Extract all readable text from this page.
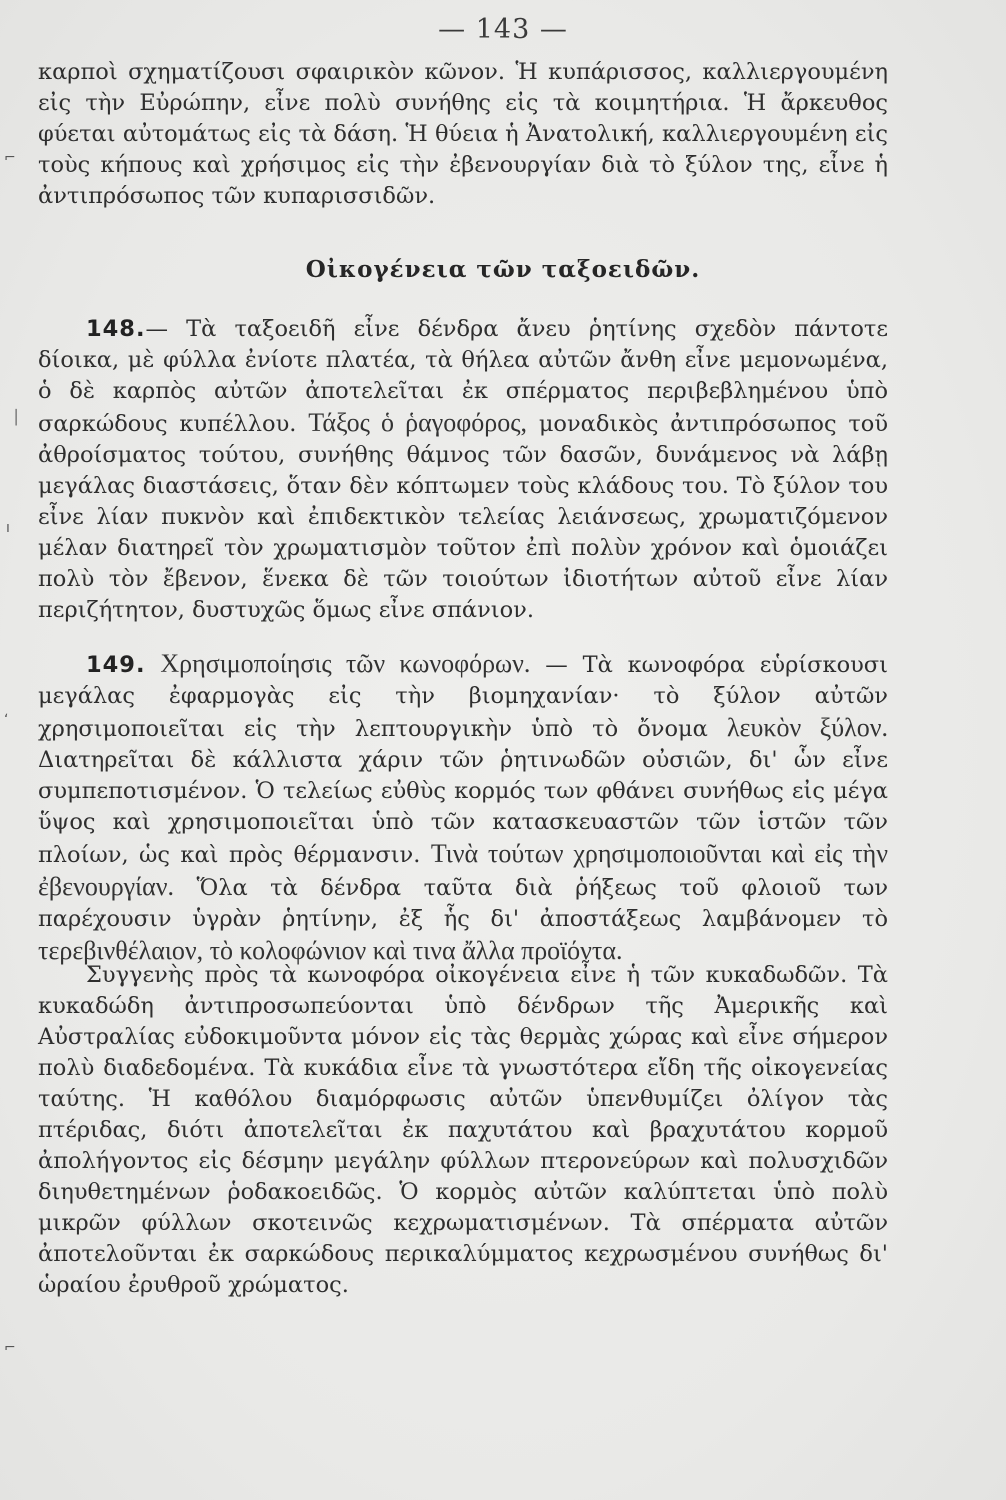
— 143 —
καρποὶ σχηματίζουσι σφαιρικὸν κῶνον. Ἡ κυπάρισσος, καλλιεργουμένη εἰς τὴν Εὐρώπην, εἶνε πολὺ συνήθης εἰς τὰ κοιμητήρια. Ἡ ἄρκευθος φύεται αὐτομάτως εἰς τὰ δάση. Ἡ θύεια ἡ Ἀνατολική, καλλιεργουμένη εἰς τοὺς κήπους καὶ χρήσιμος εἰς τὴν ἐβενουργίαν διὰ τὸ ξύλον της, εἶνε ἡ ἀντιπρόσωπος τῶν κυπαρισσιδῶν.
Οἰκογένεια τῶν ταξοειδῶν.
148.— Τὰ ταξοειδῆ εἶνε δένδρα ἄνευ ῥητίνης σχεδὸν πάντοτε δίοικα, μὲ φύλλα ἐνίοτε πλατέα, τὰ θήλεα αὐτῶν ἄνθη εἶνε μεμονωμένα, ὁ δὲ καρπὸς αὐτῶν ἀποτελεῖται ἐκ σπέρματος περιβεβλημένου ὑπὸ σαρκώδους κυπέλλου. Τάξος ὁ ῥαγοφόρος, μοναδικὸς ἀντιπρόσωπος τοῦ ἀθροίσματος τούτου, συνήθης θάμνος τῶν δασῶν, δυνάμενος νὰ λάβῃ μεγάλας διαστάσεις, ὅταν δὲν κόπτωμεν τοὺς κλάδους του. Τὸ ξύλον του εἶνε λίαν πυκνὸν καὶ ἐπιδεκτικὸν τελείας λειάνσεως, χρωματιζόμενον μέλαν διατηρεῖ τὸν χρωματισμὸν τοῦτον ἐπὶ πολὺν χρόνον καὶ ὁμοιάζει πολὺ τὸν ἔβενον, ἕνεκα δὲ τῶν τοιούτων ἰδιοτήτων αὐτοῦ εἶνε λίαν περιζήτητον, δυστυχῶς ὅμως εἶνε σπάνιον.
149. Χρησιμοποίησις τῶν κωνοφόρων. — Τὰ κωνοφόρα εὑρίσκουσι μεγάλας ἐφαρμογὰς εἰς τὴν βιομηχανίαν· τὸ ξύλον αὐτῶν χρησιμοποιεῖται εἰς τὴν λεπτουργικὴν ὑπὸ τὸ ὄνομα λευκὸν ξύλον. Διατηρεῖται δὲ κάλλιστα χάριν τῶν ῥητινωδῶν οὐσιῶν, δι' ὧν εἶνε συμπεποτισμένον. Ὁ τελείως εὐθὺς κορμός των φθάνει συνήθως εἰς μέγα ὕψος καὶ χρησιμοποιεῖται ὑπὸ τῶν κατασκευαστῶν τῶν ἱστῶν τῶν πλοίων, ὡς καὶ πρὸς θέρμανσιν. Τινὰ τούτων χρησιμοποιοῦνται καὶ εἰς τὴν ἐβενουργίαν. Ὅλα τὰ δένδρα ταῦτα διὰ ῥήξεως τοῦ φλοιοῦ των παρέχουσιν ὑγρὰν ῥητίνην, ἐξ ἧς δι' ἀποστάξεως λαμβάνομεν τὸ τερεβινθέλαιον, τὸ κολοφώνιον καὶ τινα ἄλλα προϊόντα.
Συγγενὴς πρὸς τὰ κωνοφόρα οἰκογένεια εἶνε ἡ τῶν κυκαδωδῶν. Τὰ κυκαδώδη ἀντιπροσωπεύονται ὑπὸ δένδρων τῆς Ἀμερικῆς καὶ Αὐστραλίας εὐδοκιμοῦντα μόνον εἰς τὰς θερμὰς χώρας καὶ εἶνε σήμερον πολὺ διαδεδομένα. Τὰ κυκάδια εἶνε τὰ γνωστότερα εἴδη τῆς οἰκογενείας ταύτης. Ἡ καθόλου διαμόρφωσις αὐτῶν ὑπενθυμίζει ὀλίγον τὰς πτέριδας, διότι ἀποτελεῖται ἐκ παχυτάτου καὶ βραχυτάτου κορμοῦ ἀπολήγοντος εἰς δέσμην μεγάλην φύλλων πτερονεύρων καὶ πολυσχιδῶν διηυθετημένων ῥοδακοειδῶς. Ὁ κορμὸς αὐτῶν καλύπτεται ὑπὸ πολὺ μικρῶν φύλλων σκοτεινῶς κεχρωματισμένων. Τὰ σπέρματα αὐτῶν ἀποτελοῦνται ἐκ σαρκώδους περικαλύμματος κεχρωσμένου συνήθως δι' ὡραίου ἐρυθροῦ χρώματος.
⌐
│
ı
ʻ
⌐
